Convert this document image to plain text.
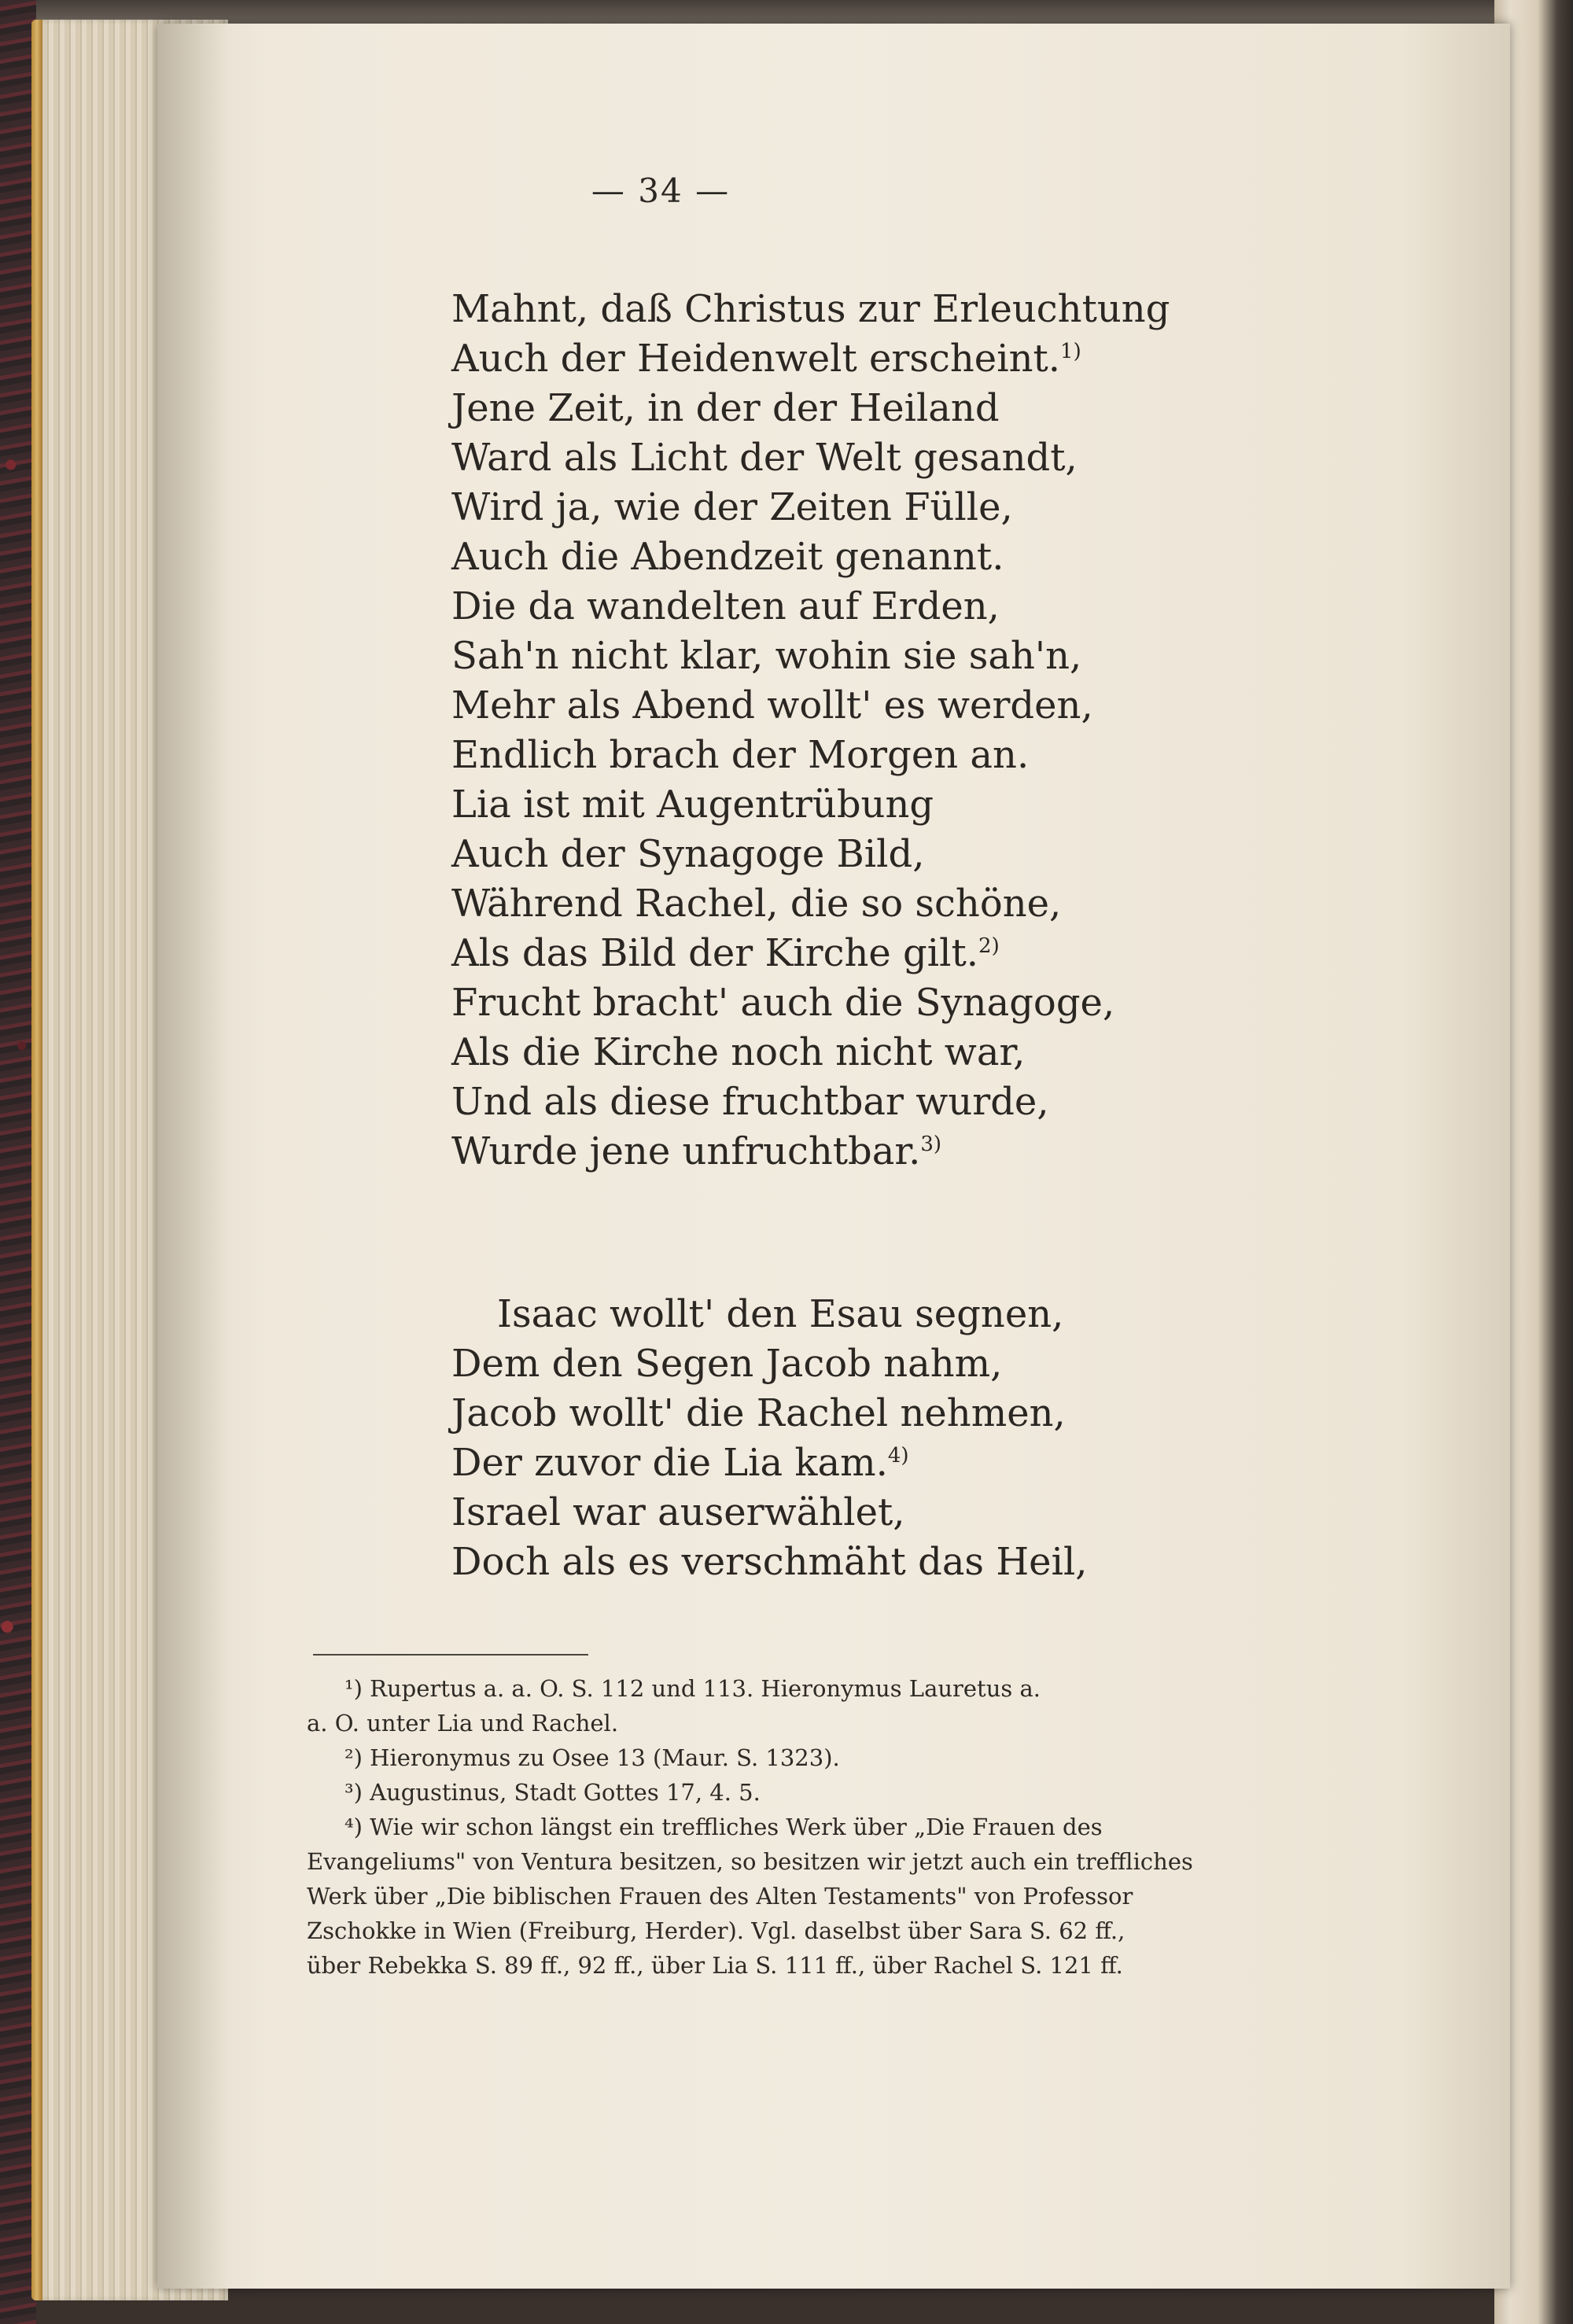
— 34 —
Mahnt, daß Christus zur Erleuchtung
Auch der Heidenwelt erscheint.$^{1)}$
Jene Zeit, in der der Heiland
Ward als Licht der Welt gesandt,
Wird ja, wie der Zeiten Fülle,
Auch die Abendzeit genannt.
Die da wandelten auf Erden,
Sah'n nicht klar, wohin sie sah'n,
Mehr als Abend wollt' es werden,
Endlich brach der Morgen an.
Lia ist mit Augentrübung
Auch der Synagoge Bild,
Während Rachel, die so schöne,
Als das Bild der Kirche gilt.$^{2)}$
Frucht bracht' auch die Synagoge,
Als die Kirche noch nicht war,
Und als diese fruchtbar wurde,
Wurde jene unfruchtbar.$^{3)}$
Isaac wollt' den Esau segnen,
Dem den Segen Jacob nahm,
Jacob wollt' die Rachel nehmen,
Der zuvor die Lia kam.$^{4)}$
Israel war auserwählet,
Doch als es verschmäht das Heil,
¹) Rupertus a. a. O. S. 112 und 113. Hieronymus Lauretus a.
a. O. unter Lia und Rachel.
²) Hieronymus zu Osee 13 (Maur. S. 1323).
³) Augustinus, Stadt Gottes 17, 4. 5.
⁴) Wie wir schon längst ein treffliches Werk über „Die Frauen des
Evangeliums" von Ventura besitzen, so besitzen wir jetzt auch ein treffliches
Werk über „Die biblischen Frauen des Alten Testaments" von Professor
Zschokke in Wien (Freiburg, Herder). Vgl. daselbst über Sara S. 62 ff.,
über Rebekka S. 89 ff., 92 ff., über Lia S. 111 ff., über Rachel S. 121 ff.
